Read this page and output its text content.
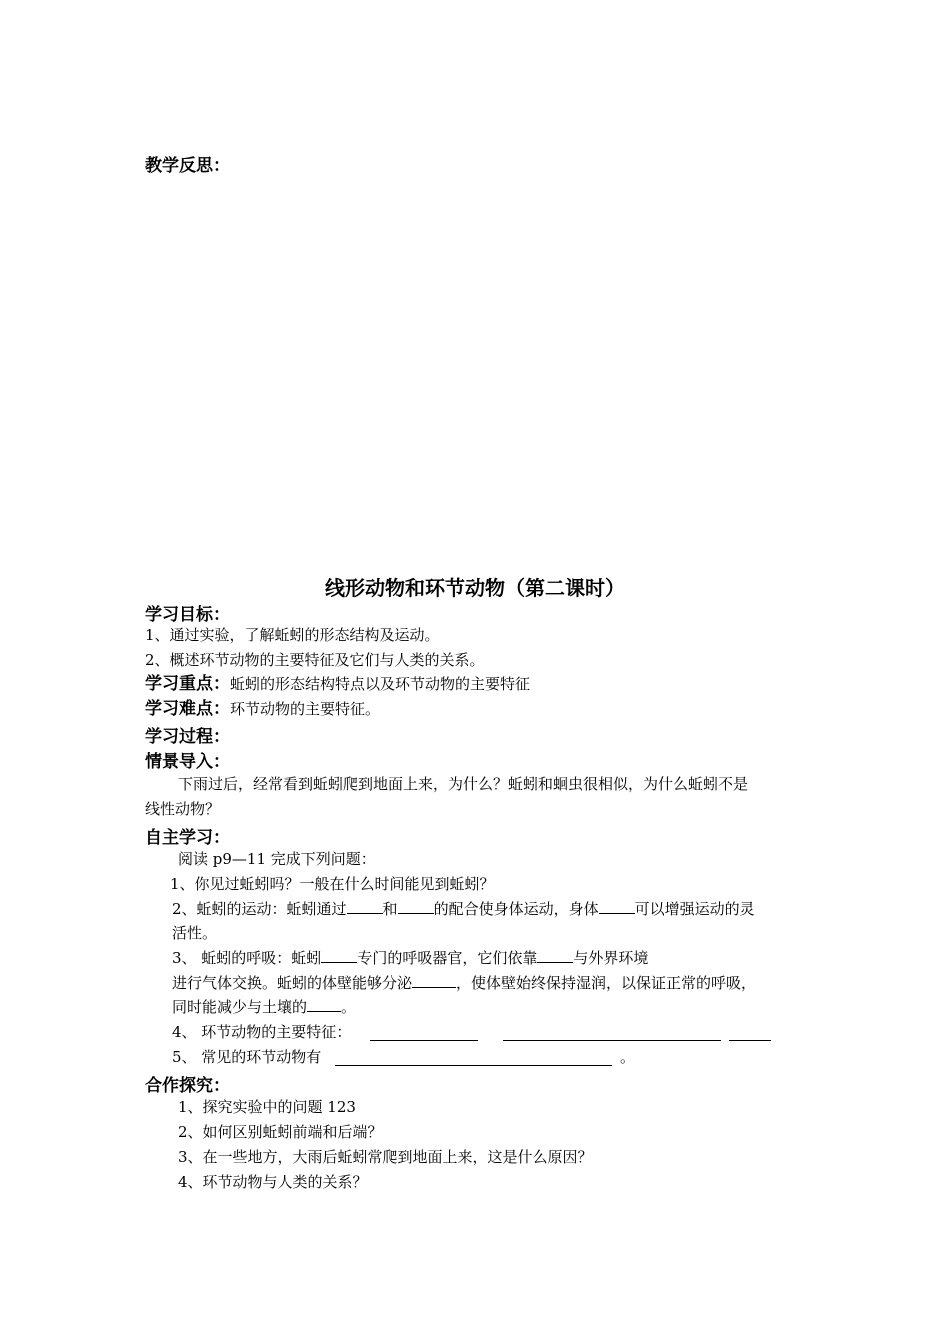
教学反思：
线形动物和环节动物（第二课时）
学习目标：
1、通过实验，了解蚯蚓的形态结构及运动。
2、概述环节动物的主要特征及它们与人类的关系。
学习重点：蚯蚓的形态结构特点以及环节动物的主要特征
学习难点：环节动物的主要特征。
学习过程：
情景导入：
下雨过后，经常看到蚯蚓爬到地面上来，为什么？蚯蚓和蛔虫很相似，为什么蚯蚓不是
线性动物？
自主学习：
阅读 p9—11 完成下列问题：
1、你见过蚯蚓吗？一般在什么时间能见到蚯蚓？
2、蚯蚓的运动：蚯蚓通过 和 的配合使身体运动，身体 可以增强运动的灵
活性。
3、 蚯蚓的呼吸：蚯蚓 专门的呼吸器官，它们依靠 与外界环境
进行气体交换。蚯蚓的体壁能够分泌	，使体壁始终保持湿润，以保证正常的呼吸，
同时能减少与土壤的 。
4、 环节动物的主要特征：
5、 常见的环节动物有	。
合作探究：
1、探究实验中的问题 123
2、如何区别蚯蚓前端和后端？
3、在一些地方，大雨后蚯蚓常爬到地面上来，这是什么原因？
4、环节动物与人类的关系？
